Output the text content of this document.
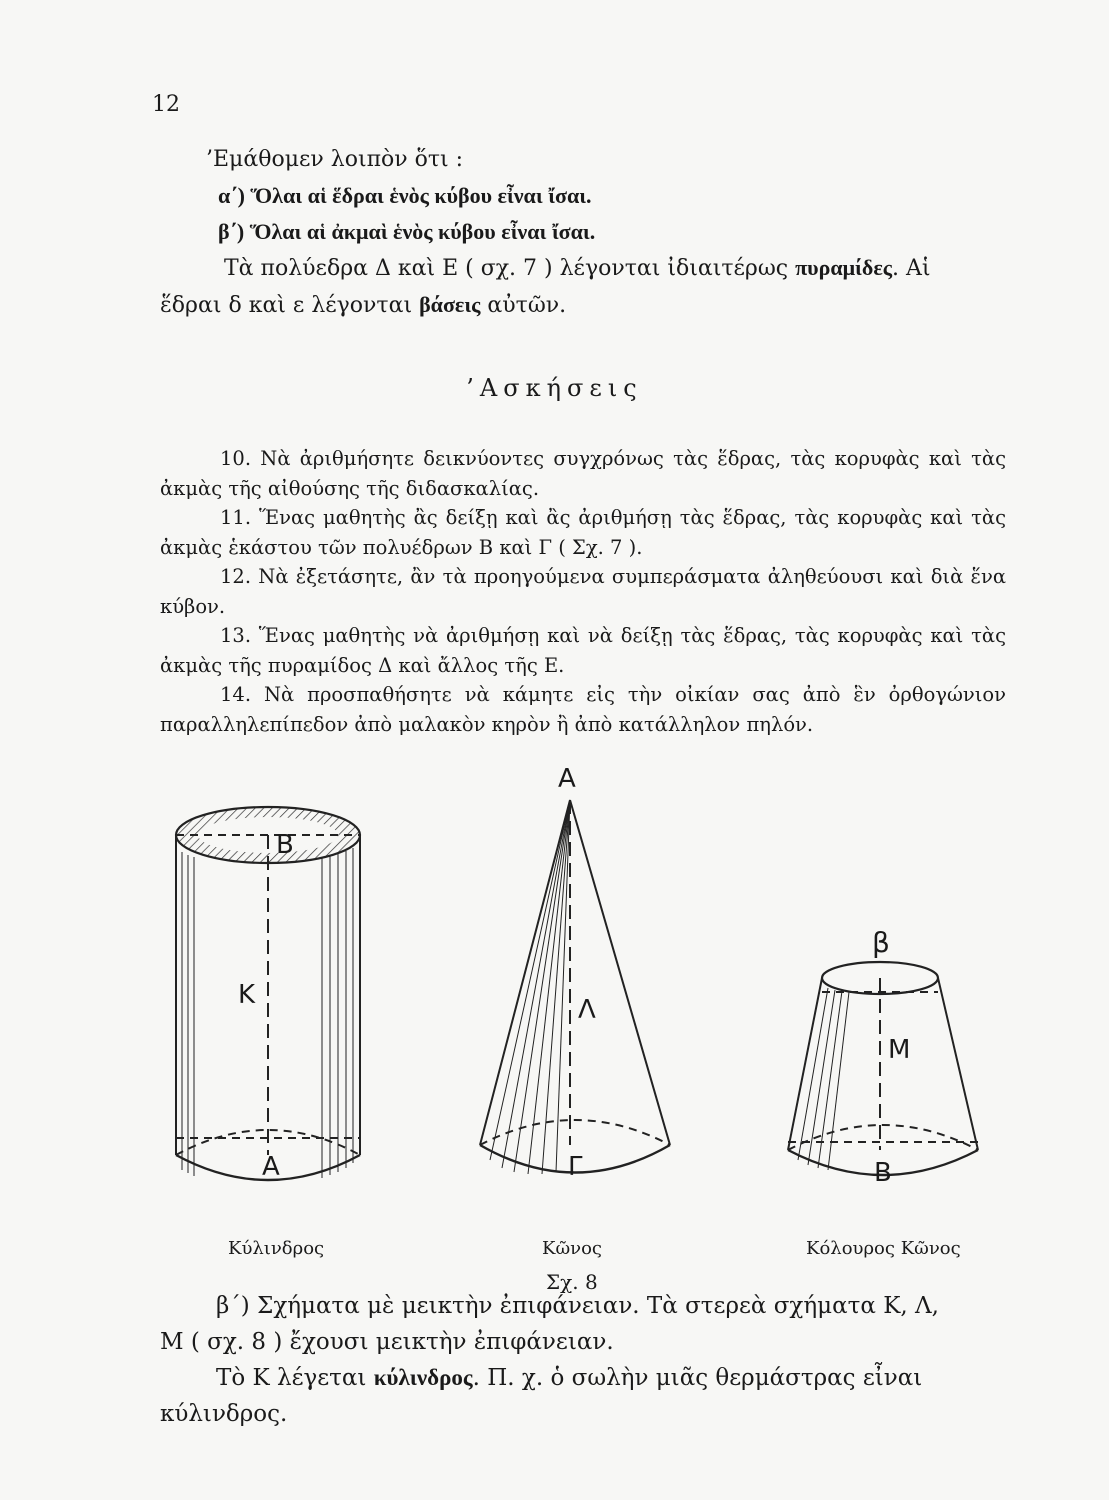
12
’Εμάθομεν λοιπὸν ὅτι :
α΄) Ὅλαι αἱ ἕδραι ἑνὸς κύβου εἶναι ἴσαι.
β΄) Ὅλαι αἱ ἀκμαὶ ἑνὸς κύβου εἶναι ἴσαι.
Τὰ πολύεδρα Δ καὶ Ε ( σχ. 7 ) λέγονται ἰδιαιτέρως πυραμίδες. Αἱ
ἕδραι δ καὶ ε λέγονται βάσεις αὐτῶν.
’Ασκήσεις

10. Νὰ ἀριθμήσητε δεικνύοντες συγχρόνως τὰς ἕδρας, τὰς κορυφὰς καὶ τὰς ἀκμὰς τῆς αἰθούσης τῆς διδασκαλίας.

11. Ἕνας μαθητὴς ἂς δείξῃ καὶ ἂς ἀριθμήσῃ τὰς ἕδρας, τὰς κορυφὰς καὶ τὰς ἀκμὰς ἑκάστου τῶν πολυέδρων Β καὶ Γ ( Σχ. 7 ).

12. Νὰ ἐξετάσητε, ἂν τὰ προηγούμενα συμπεράσματα ἀληθεύουσι καὶ διὰ ἕνα κύβον.

13. Ἕνας μαθητὴς νὰ ἀριθμήσῃ καὶ νὰ δείξῃ τὰς ἕδρας, τὰς κορυφὰς καὶ τὰς ἀκμὰς τῆς πυραμίδος Δ καὶ ἄλλος τῆς Ε.

14. Νὰ προσπαθήσητε νὰ κάμητε εἰς τὴν οἰκίαν σας ἀπὸ ἓν ὀρθογώνιον παραλληλεπίπεδον ἀπὸ μαλακὸν κηρὸν ἢ ἀπὸ κατάλληλον πηλόν.

Β
Κ
Α
Α
Λ
Γ
β
Μ
Β
Κύλινδρος	Κῶνος	Κόλουρος Κῶνος
Σχ. 8
β΄) Σχήματα μὲ μεικτὴν ἐπιφάνειαν. Τὰ στερεὰ σχήματα Κ, Λ,
Μ ( σχ. 8 ) ἔχουσι μεικτὴν ἐπιφάνειαν.
Τὸ Κ λέγεται κύλινδρος. Π. χ. ὁ σωλὴν μιᾶς θερμάστρας εἶναι
κύλινδρος.
